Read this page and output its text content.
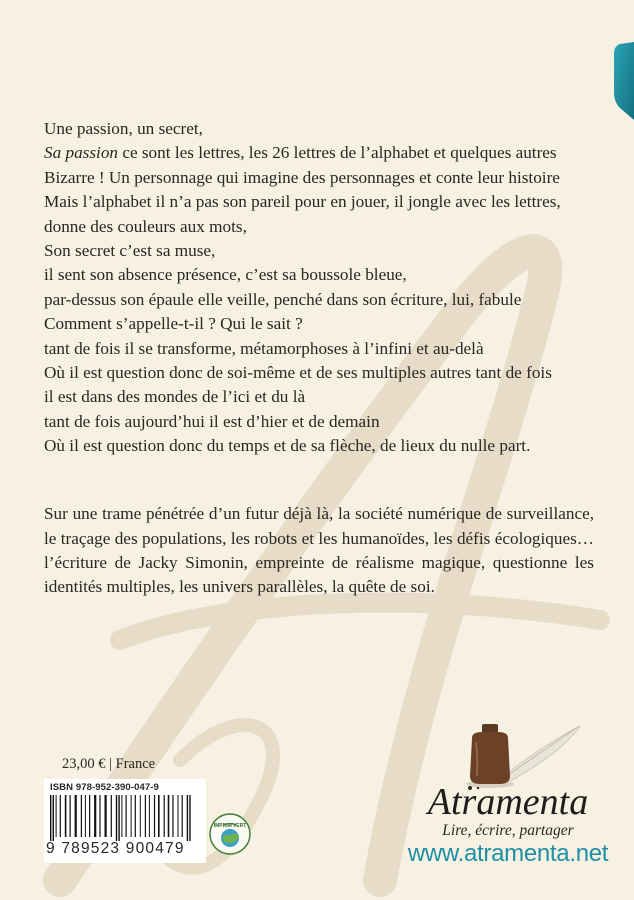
Une passion, un secret,
Sa passion ce sont les lettres, les 26 lettres de l’alphabet et quelques autres
Bizarre ! Un personnage qui imagine des personnages et conte leur histoire
Mais l’alphabet il n’a pas son pareil pour en jouer, il jongle avec les lettres,
donne des couleurs aux mots,
Son secret c’est sa muse,
il sent son absence présence, c’est sa boussole bleue,
par-dessus son épaule elle veille, penché dans son écriture, lui, fabule
Comment s’appelle-t-il ? Qui le sait ?
tant de fois il se transforme, métamorphoses à l’infini et au-delà
Où il est question donc de soi-même et de ses multiples autres tant de fois
il est dans des mondes de l’ici et du là
tant de fois aujourd’hui il est d’hier et de demain
Où il est question donc du temps et de sa flèche, de lieux du nulle part.

Sur une trame pénétrée d’un futur déjà là, la société numérique de surveillance, le traçage des populations, les robots et les humanoïdes, les défis écologiques… l’écriture de Jacky Simonin, empreinte de réalisme magique, questionne les identités multiples, les univers parallèles, la quête de soi.

23,00 € | France
ISBN 978-952-390-047-9
9 789523 900479
IMPRIM'VERT
Atramenta
Lire, écrire, partager
www.atramenta.net
